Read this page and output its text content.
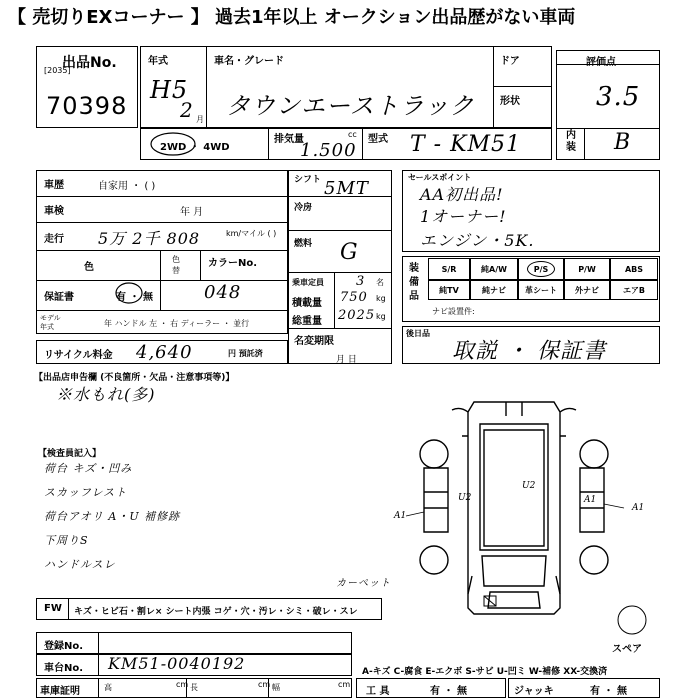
【 売切りEXコーナー 】 過去1年以上 オークション出品歴がない車両
出品No.
[2035]
70398
年式
H5
2 月
車名・グレード
タウンエーストラック
ドア
形状
評価点
3.5
内装 B
2WD ・ 4WD
排気量	cc
1.500
型式 T - KM51
車歴	自家用 ・ ( )
車検	年 月
走行 5万 2千 808	km/マイル ( )
色
色替
カラーNo.
保証書	有 ・ 無	048
モデル年式	年 ハンドル 左 ・ 右 ディーラー ・ 並行
シフト 5MT
冷房
燃料 G
乗車定員 3 名
積載量 750 kg
総重量 2025 kg
名変期限
月 日
リサイクル料金 4,640	円 預託済
セールスポイント
AA初出品!
1オーナー!
エンジン・5K.
装備品
S/R	純A/W	P/S	P/W	ABS
純TV	純ナビ	革シート	外ナビ	エアB
ナビ設置件:
後日品
取説 ・ 保証書
【出品店申告欄 (不良箇所・欠品・注意事項等)】
※水もれ(多)
【検査員記入】
荷台 キズ・凹み
スカッフレスト
荷台アオリ A・U 補修跡
下周りS
ハンドルスレ
カーペット
U2
U2
A1
A1
A1
スペア
FW キズ・ヒビ石・割レ× シート内張 コゲ・穴・汚レ・シミ・破レ・スレ
登録No.
車台No. KM51-0040192	A-キズ C-腐食 E-エクボ S-サビ U-凹ミ W-補修 XX-交換済
車庫証明	高	cm 長	cm 幅	cm
工 具	有 ・ 無	ジャッキ	有 ・ 無
